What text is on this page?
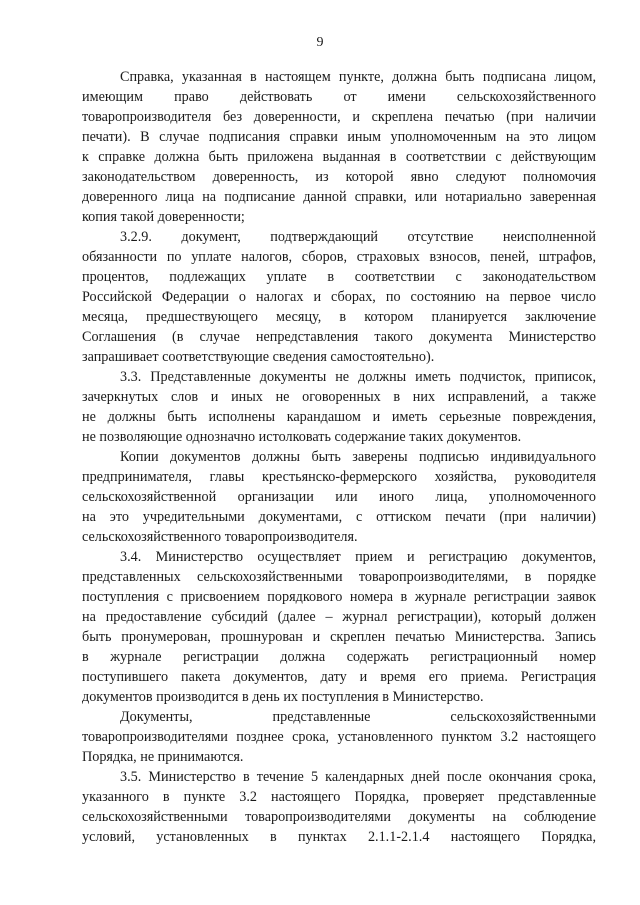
9
Справка, указанная в настоящем пункте, должна быть подписана лицом,
имеющим право действовать от имени сельскохозяйственного
товаропроизводителя без доверенности, и скреплена печатью (при наличии
печати). В случае подписания справки иным уполномоченным на это лицом
к справке должна быть приложена выданная в соответствии с действующим
законодательством доверенность, из которой явно следуют полномочия
доверенного лица на подписание данной справки, или нотариально заверенная
копия такой доверенности;
3.2.9. документ, подтверждающий отсутствие неисполненной
обязанности по уплате налогов, сборов, страховых взносов, пеней, штрафов,
процентов, подлежащих уплате в соответствии с законодательством
Российской Федерации о налогах и сборах, по состоянию на первое число
месяца, предшествующего месяцу, в котором планируется заключение
Соглашения (в случае непредставления такого документа Министерство
запрашивает соответствующие сведения самостоятельно).
3.3. Представленные документы не должны иметь подчисток, приписок,
зачеркнутых слов и иных не оговоренных в них исправлений, а также
не должны быть исполнены карандашом и иметь серьезные повреждения,
не позволяющие однозначно истолковать содержание таких документов.
Копии документов должны быть заверены подписью индивидуального
предпринимателя, главы крестьянско-фермерского хозяйства, руководителя
сельскохозяйственной организации или иного лица, уполномоченного
на это учредительными документами, с оттиском печати (при наличии)
сельскохозяйственного товаропроизводителя.
3.4. Министерство осуществляет прием и регистрацию документов,
представленных сельскохозяйственными товаропроизводителями, в порядке
поступления с присвоением порядкового номера в журнале регистрации заявок
на предоставление субсидий (далее – журнал регистрации), который должен
быть пронумерован, прошнурован и скреплен печатью Министерства. Запись
в журнале регистрации должна содержать регистрационный номер
поступившего пакета документов, дату и время его приема. Регистрация
документов производится в день их поступления в Министерство.
Документы, представленные сельскохозяйственными
товаропроизводителями позднее срока, установленного пунктом 3.2 настоящего
Порядка, не принимаются.
3.5. Министерство в течение 5 календарных дней после окончания срока,
указанного в пункте 3.2 настоящего Порядка, проверяет представленные
сельскохозяйственными товаропроизводителями документы на соблюдение
условий, установленных в пунктах 2.1.1-2.1.4 настоящего Порядка,
